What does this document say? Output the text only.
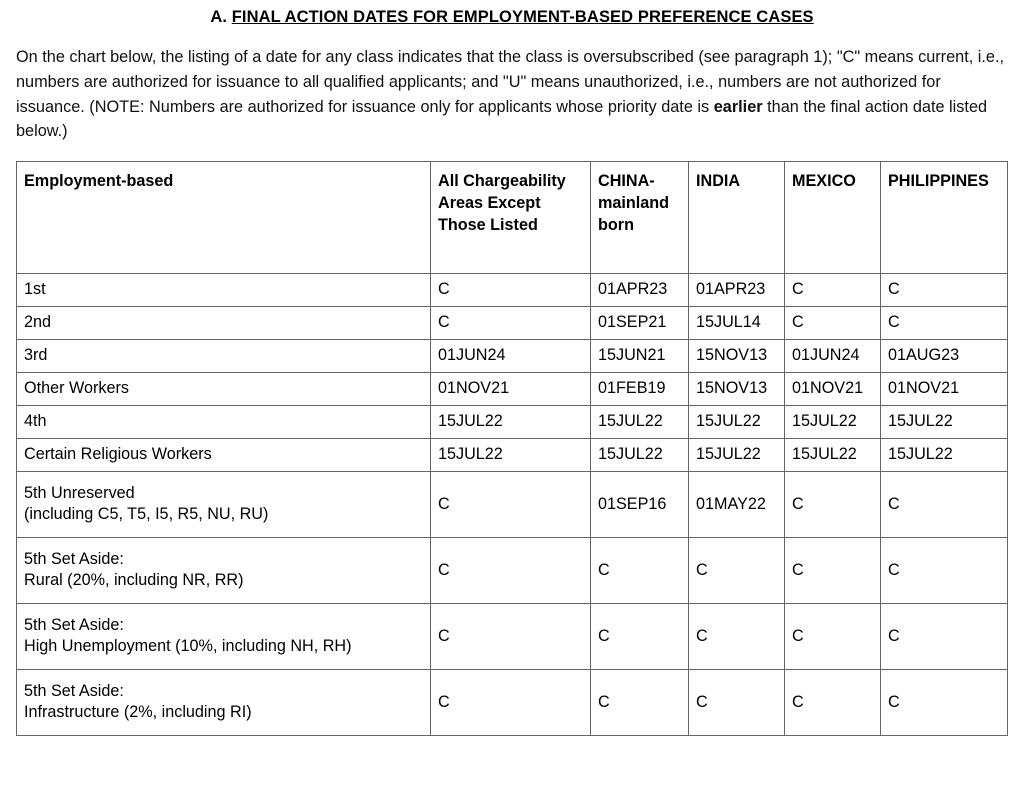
A. FINAL ACTION DATES FOR EMPLOYMENT-BASED PREFERENCE CASES

On the chart below, the listing of a date for any class indicates that the class is oversubscribed (see paragraph 1); "C" means current, i.e., numbers are authorized for issuance to all qualified applicants; and "U" means unauthorized, i.e., numbers are not authorized for issuance. (NOTE: Numbers are authorized for issuance only for applicants whose priority date is earlier than the final action date listed below.)

Employment-based	All Chargeability Areas Except Those Listed	CHINA-mainland born	INDIA	MEXICO	PHILIPPINES
1st	C	01APR23	01APR23	C	C
2nd	C	01SEP21	15JUL14	C	C
3rd	01JUN24	15JUN21	15NOV13	01JUN24	01AUG23
Other Workers	01NOV21	01FEB19	15NOV13	01NOV21	01NOV21
4th	15JUL22	15JUL22	15JUL22	15JUL22	15JUL22
Certain Religious Workers	15JUL22	15JUL22	15JUL22	15JUL22	15JUL22
5th Unreserved
(including C5, T5, I5, R5, NU, RU)	C	01SEP16	01MAY22	C	C
5th Set Aside:
Rural (20%, including NR, RR)	C	C	C	C	C
5th Set Aside:
High Unemployment (10%, including NH, RH)	C	C	C	C	C
5th Set Aside:
Infrastructure (2%, including RI)	C	C	C	C	C
